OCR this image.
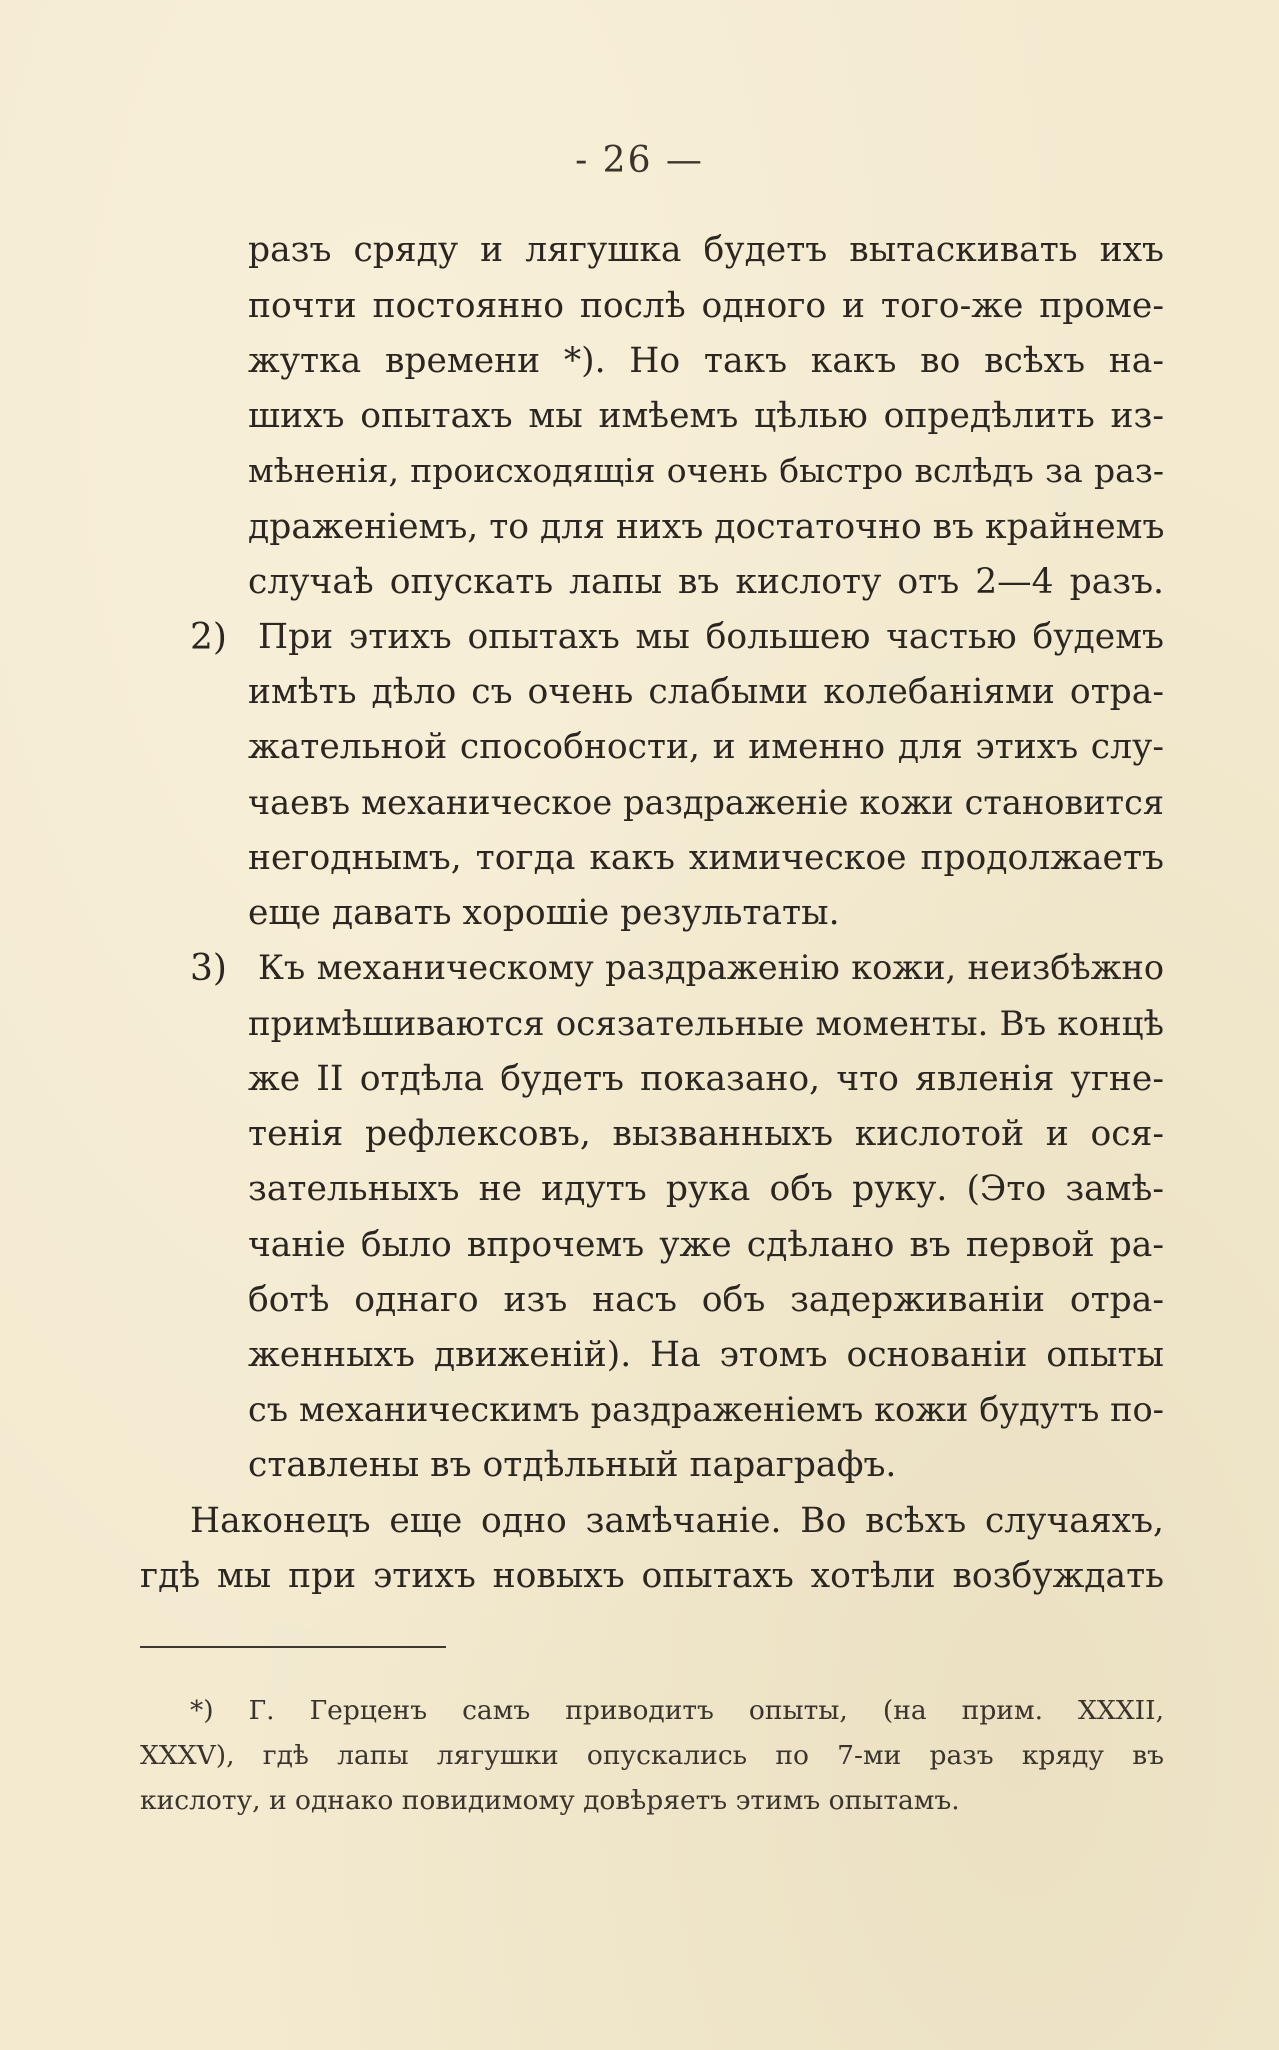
- 26 —
разъ сряду и лягушка будетъ вытаскивать ихъ
почти постоянно послѣ одного и того-же проме-
жутка времени *). Но такъ какъ во всѣхъ на-
шихъ опытахъ мы имѣемъ цѣлью опредѣлить из-
мѣненія, происходящія очень быстро вслѣдъ за раз-
драженіемъ, то для нихъ достаточно въ крайнемъ
случаѣ опускать лапы въ кислоту отъ 2—4 разъ.
2) При этихъ опытахъ мы большею частью будемъ
имѣть дѣло съ очень слабыми колебаніями отра-
жательной способности, и именно для этихъ слу-
чаевъ механическое раздраженіе кожи становится
негоднымъ, тогда какъ химическое продолжаетъ
еще давать хорошіе результаты.
3) Къ механическому раздраженію кожи, неизбѣжно
примѣшиваются осязательные моменты. Въ концѣ
же II отдѣла будетъ показано, что явленія угне-
тенія рефлексовъ, вызванныхъ кислотой и ося-
зательныхъ не идутъ рука объ руку. (Это замѣ-
чаніе было впрочемъ уже сдѣлано въ первой ра-
ботѣ однаго изъ насъ объ задерживаніи отра-
женныхъ движеній). На этомъ основаніи опыты
съ механическимъ раздраженіемъ кожи будутъ по-
ставлены въ отдѣльный параграфъ.
Наконецъ еще одно замѣчаніе. Во всѣхъ случаяхъ,
гдѣ мы при этихъ новыхъ опытахъ хотѣли возбуждать
*) Г. Герценъ самъ приводитъ опыты, (на прим. XXXII,
XXXV), гдѣ лапы лягушки опускались по 7-ми разъ кряду въ
кислоту, и однако повидимому довѣряетъ этимъ опытамъ.
